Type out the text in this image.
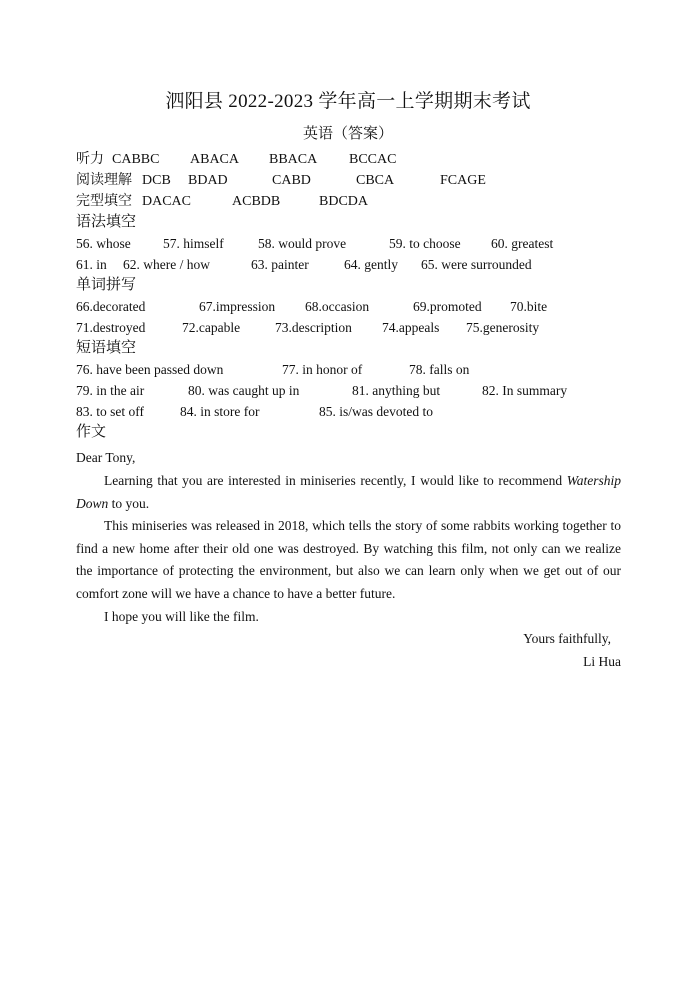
泗阳县 2022-2023 学年高一上学期期末考试
英语（答案）
听力 CABBC ABACA BBACA BCCAC
阅读理解 DCB BDAD	CABD	CBCA	FCAGE
完型填空 DACAC	ACBDB	BDCDA
语法填空
56. whose 57. himself	58. would prove	59. to choose 60. greatest
61. in 62. where / how	63. painter	64. gently 65. were surrounded
单词拼写
66.decorated	67.impression 68.occasion	69.promoted 70.bite
71.destroyed	72.capable	73.description 74.appeals 75.generosity
短语填空
76. have been passed down	77. in honor of	78. falls on
79. in the air	80. was caught up in	81. anything but	82. In summary
83. to set off	84. in store for	85. is/was devoted to
作文

Dear Tony,

Learning that you are interested in miniseries recently, I would like to recommend Watership Down to you.

This miniseries was released in 2018, which tells the story of some rabbits working together to find a new home after their old one was destroyed. By watching this film, not only can we realize the importance of protecting the environment, but also we can learn only when we get out of our comfort zone will we have a chance to have a better future.

I hope you will like the film.

Yours faithfully,
Li Hua
